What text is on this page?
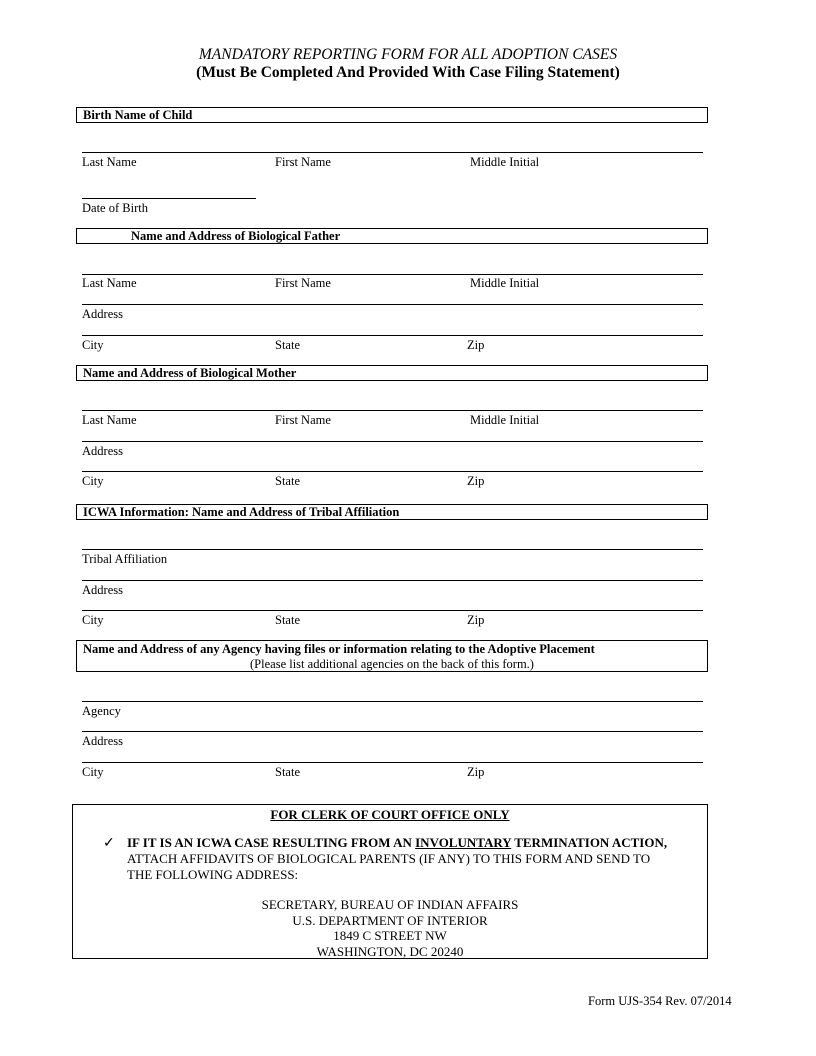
MANDATORY REPORTING FORM FOR ALL ADOPTION CASES
(Must Be Completed And Provided With Case Filing Statement)
Birth Name of Child
Last Name	First Name	Middle Initial
Date of Birth
Name and Address of Biological Father
Last Name	First Name	Middle Initial
Address
City	State	Zip
Name and Address of Biological Mother
Last Name	First Name	Middle Initial
Address
City	State	Zip
ICWA Information: Name and Address of Tribal Affiliation
Tribal Affiliation
Address
City	State	Zip
Name and Address of any Agency having files or information relating to the Adoptive Placement
(Please list additional agencies on the back of this form.)
Agency
Address
City	State	Zip
FOR CLERK OF COURT OFFICE ONLY
✓ IF IT IS AN ICWA CASE RESULTING FROM AN INVOLUNTARY TERMINATION ACTION,
ATTACH AFFIDAVITS OF BIOLOGICAL PARENTS (IF ANY) TO THIS FORM AND SEND TO
THE FOLLOWING ADDRESS:
SECRETARY, BUREAU OF INDIAN AFFAIRS
U.S. DEPARTMENT OF INTERIOR
1849 C STREET NW
WASHINGTON, DC 20240
Form UJS-354 Rev. 07/2014
